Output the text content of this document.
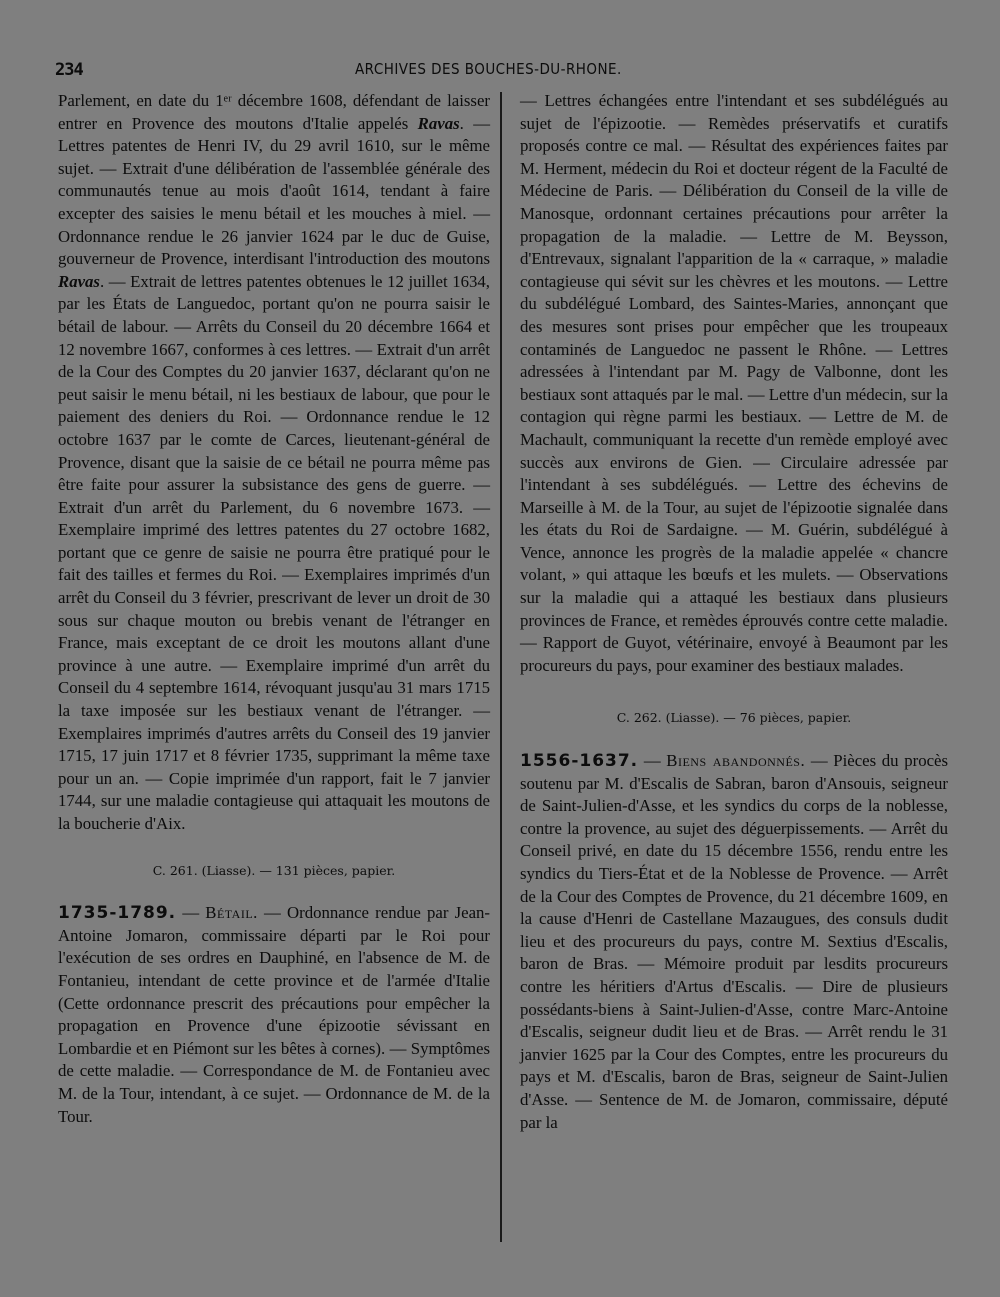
234	ARCHIVES DES BOUCHES-DU-RHONE.

Parlement, en date du 1ᵉʳ décembre 1608, défendant de laisser entrer en Provence des moutons d'Italie appelés Ravas. — Lettres patentes de Henri IV, du 29 avril 1610, sur le même sujet. — Extrait d'une délibération de l'assemblée générale des communautés tenue au mois d'août 1614, tendant à faire excepter des saisies le menu bétail et les mouches à miel. — Ordonnance rendue le 26 janvier 1624 par le duc de Guise, gouverneur de Provence, interdisant l'introduction des moutons Ravas. — Extrait de lettres patentes obtenues le 12 juillet 1634, par les États de Languedoc, portant qu'on ne pourra saisir le bétail de labour. — Arrêts du Conseil du 20 décembre 1664 et 12 novembre 1667, conformes à ces lettres. — Extrait d'un arrêt de la Cour des Comptes du 20 janvier 1637, déclarant qu'on ne peut saisir le menu bétail, ni les bestiaux de labour, que pour le paiement des deniers du Roi. — Ordonnance rendue le 12 octobre 1637 par le comte de Carces, lieutenant-général de Provence, disant que la saisie de ce bétail ne pourra même pas être faite pour assurer la subsistance des gens de guerre. — Extrait d'un arrêt du Parlement, du 6 novembre 1673. — Exemplaire imprimé des lettres patentes du 27 octobre 1682, portant que ce genre de saisie ne pourra être pratiqué pour le fait des tailles et fermes du Roi. — Exemplaires imprimés d'un arrêt du Conseil du 3 février, prescrivant de lever un droit de 30 sous sur chaque mouton ou brebis venant de l'étranger en France, mais exceptant de ce droit les moutons allant d'une province à une autre. — Exemplaire imprimé d'un arrêt du Conseil du 4 septembre 1614, révoquant jusqu'au 31 mars 1715 la taxe imposée sur les bestiaux venant de l'étranger. — Exemplaires imprimés d'autres arrêts du Conseil des 19 janvier 1715, 17 juin 1717 et 8 février 1735, supprimant la même taxe pour un an. — Copie imprimée d'un rapport, fait le 7 janvier 1744, sur une maladie contagieuse qui attaquait les moutons de la boucherie d'Aix.

C. 261. (Liasse). — 131 pièces, papier.

1735-1789. — Bétail. — Ordonnance rendue par Jean-Antoine Jomaron, commissaire départi par le Roi pour l'exécution de ses ordres en Dauphiné, en l'absence de M. de Fontanieu, intendant de cette province et de l'armée d'Italie (Cette ordonnance prescrit des précautions pour empêcher la propagation en Provence d'une épizootie sévissant en Lombardie et en Piémont sur les bêtes à cornes). — Symptômes de cette maladie. — Correspondance de M. de Fontanieu avec M. de la Tour, intendant, à ce sujet. — Ordonnance de M. de la Tour.

— Lettres échangées entre l'intendant et ses subdélégués au sujet de l'épizootie. — Remèdes préservatifs et curatifs proposés contre ce mal. — Résultat des expériences faites par M. Herment, médecin du Roi et docteur régent de la Faculté de Médecine de Paris. — Délibération du Conseil de la ville de Manosque, ordonnant certaines précautions pour arrêter la propagation de la maladie. — Lettre de M. Beysson, d'Entrevaux, signalant l'apparition de la « carraque, » maladie contagieuse qui sévit sur les chèvres et les moutons. — Lettre du subdélégué Lombard, des Saintes-Maries, annonçant que des mesures sont prises pour empêcher que les troupeaux contaminés de Languedoc ne passent le Rhône. — Lettres adressées à l'intendant par M. Pagy de Valbonne, dont les bestiaux sont attaqués par le mal. — Lettre d'un médecin, sur la contagion qui règne parmi les bestiaux. — Lettre de M. de Machault, communiquant la recette d'un remède employé avec succès aux environs de Gien. — Circulaire adressée par l'intendant à ses subdélégués. — Lettre des échevins de Marseille à M. de la Tour, au sujet de l'épizootie signalée dans les états du Roi de Sardaigne. — M. Guérin, subdélégué à Vence, annonce les progrès de la maladie appelée « chancre volant, » qui attaque les bœufs et les mulets. — Observations sur la maladie qui a attaqué les bestiaux dans plusieurs provinces de France, et remèdes éprouvés contre cette maladie. — Rapport de Guyot, vétérinaire, envoyé à Beaumont par les procureurs du pays, pour examiner des bestiaux malades.

C. 262. (Liasse). — 76 pièces, papier.

1556-1637. — Biens abandonnés. — Pièces du procès soutenu par M. d'Escalis de Sabran, baron d'Ansouis, seigneur de Saint-Julien-d'Asse, et les syndics du corps de la noblesse, contre la provence, au sujet des déguerpissements. — Arrêt du Conseil privé, en date du 15 décembre 1556, rendu entre les syndics du Tiers-État et de la Noblesse de Provence. — Arrêt de la Cour des Comptes de Provence, du 21 décembre 1609, en la cause d'Henri de Castellane Mazaugues, des consuls dudit lieu et des procureurs du pays, contre M. Sextius d'Escalis, baron de Bras. — Mémoire produit par lesdits procureurs contre les héritiers d'Artus d'Escalis. — Dire de plusieurs possédants-biens à Saint-Julien-d'Asse, contre Marc-Antoine d'Escalis, seigneur dudit lieu et de Bras. — Arrêt rendu le 31 janvier 1625 par la Cour des Comptes, entre les procureurs du pays et M. d'Escalis, baron de Bras, seigneur de Saint-Julien d'Asse. — Sentence de M. de Jomaron, commissaire, député par la
